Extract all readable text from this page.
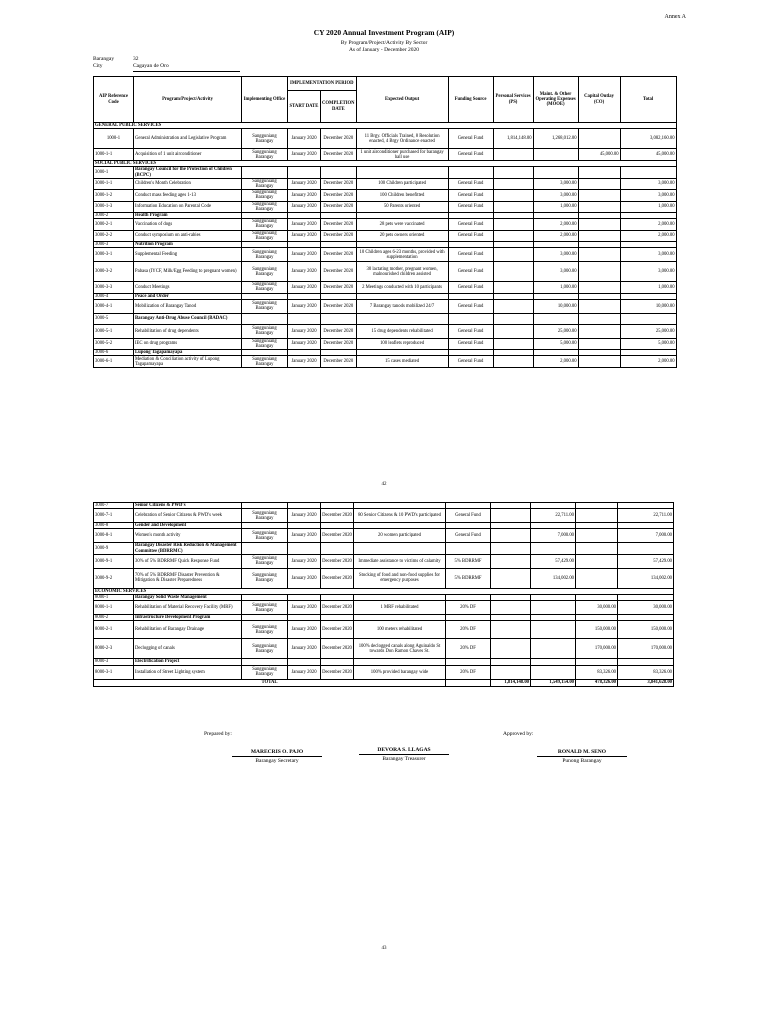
Annex A
CY 2020 Annual Investment Program (AIP)
By Program/Project/Activity By Sector
As of January - December 2020
Barangay	32
City	Cagayan de Oro
AIP Reference Code	Program/Project/Activity	Implementing Office	IMPLEMENTATION PERIOD		Expected Output	Funding Source	Personal Services (PS)	Maint. & Other Operating Expenses (MOOE)	Capital Outlay (CO)	Total
			START DATE	COMPLETION DATE						
GENERAL PUBLIC SERVICES										
1000-1	General Administration and Legislative Program	Sangguniang Barangay	January 2020	December 2020	11 Brgy. Officials Trained, 8 Resolution enacted, 4 Brgy Ordinance enacted	General Fund	1,814,148.00	1,268,012.00		3,082,160.00
1000-1-1	Acquisition of 1 unit airconditioner	Sangguniang Barangay	January 2020	December 2020	1 unit airconditioner purchased for barangay hall use	General Fund			45,000.00	45,000.00
SOCIAL PUBLIC SERVICES										
3000-1	Barangay Council for the Protection of Children (BCPC)									
3000-1-1	Children's Month Celebration	Sangguniang Barangay	January 2020	December 2020	100 Children participated	General Fund		3,000.00		3,000.00
3000-1-2	Conduct mass feeding ages 1-13	Sangguniang Barangay	January 2020	December 2020	100 Children benefitted	General Fund		3,000.00		3,000.00
3000-1-3	Information Education on Parental Code	Sangguniang Barangay	January 2020	December 2020	50 Parents oriented	General Fund		1,000.00		1,000.00
3000-2	Health Program									
3000-2-1	Vaccination of dogs	Sangguniang Barangay	January 2020	December 2020	28 pets were vaccinated	General Fund		2,000.00		2,000.00
3000-2-2	Conduct symposium on anti-rabies	Sangguniang Barangay	January 2020	December 2020	20 pets owners oriented	General Fund		2,000.00		2,000.00
3000-3	Nutrition Program									
3000-3-1	Supplemental Feeding	Sangguniang Barangay	January 2020	December 2020	10 Children ages 6-23 months, provided with supplementation	General Fund		3,000.00		3,000.00
3000-3-2	Pabasa (IYCF, Milk/Egg Feeding to pregnant women)	Sangguniang Barangay	January 2020	December 2020	30 lactating mother, pregnant women, malnourished children assisted	General Fund		3,000.00		3,000.00
3000-3-3	Conduct Meetings	Sangguniang Barangay	January 2020	December 2020	2 Meetings conducted with 10 participants	General Fund		1,000.00		1,000.00
3000-4	Peace and Order									
3000-4-1	Mobilization of Barangay Tanod	Sangguniang Barangay	January 2020	December 2020	7 Barangay tanods mobilized 24/7	General Fund		10,000.00		10,000.00
3000-5	Barangay Anti-Drug Abuse Council (BADAC)									
3000-5-1	Rehabilitation of drug dependents	Sangguniang Barangay	January 2020	December 2020	15 drug dependents rehabilitated	General Fund		25,000.00		25,000.00
3000-5-2	IEC on drug programs	Sangguniang Barangay	January 2020	December 2020	100 leaflets reproduced	General Fund		5,000.00		5,000.00
3000-6	Lupong Tagapamayapa									
3000-6-1	Mediation & Conciliation activity of Lupong Tagapamayapa	Sangguniang Barangay	January 2020	December 2020	15 cases mediated	General Fund		2,000.00		2,000.00
42
3000-7	Senior Citizens & PWD's									
3000-7-1	Celebration of Senior Citizens & PWD's week	Sangguniang Barangay	January 2020	December 2020	80 Senior Citizens & 10 PWD's participated	General Fund		22,711.00		22,711.00
3000-8	Gender and Development									
3000-8-1	Women's month activity	Sangguniang Barangay	January 2020	December 2020	20 women participated	General Fund		7,000.00		7,000.00
3000-9	Barangay Disaster Risk Reduction & Management Committee (BDRRMC)									
3000-9-1	30% of 5% BDRRMF Quick Response Fund	Sangguniang Barangay	January 2020	December 2020	Immediate assistance to victims of calamity	5% BDRRMF		57,429.00		57,429.00
3000-9-2	70% of 5% BDRRMF Disaster Prevention & Mitigation & Disaster Preparedness	Sangguniang Barangay	January 2020	December 2020	Stocking of food and non-food supplies for emergency purposes	5% BDRRMF		134,002.00		134,002.00
ECONOMIC SERVICES										
8000-1	Barangay Solid Waste Management									
8000-1-1	Rehabilitation of Material Recovery Facility (MRF)	Sangguniang Barangay	January 2020	December 2020	1 MRF rehabilitated	20% DF			30,000.00	30,000.00
8000-2	Infrastructure Development Program									
8000-2-1	Rehabilitation of Barangay Drainage	Sangguniang Barangay	January 2020	December 2020	100 meters rehabilitated	20% DF			150,000.00	150,000.00
8000-2-3	Declogging of canals	Sangguniang Barangay	January 2020	December 2020	100% declogged canals along Aguinaldo St towards Don Ramon Chaves St.	20% DF			170,000.00	170,000.00
8000-3	Electrification Project									
8000-3-1	Installation of Street Lighting system	Sangguniang Barangay	January 2020	December 2020	100% provided barangay wide	20% DF			83,326.00	83,326.00
TOTAL							1,814,148.00	1,549,154.00	478,326.00	3,841,628.00
Prepared by:	Approved by:
MARECRIS O. PAJO
Barangay Secretary
DEVORA S. LLAGAS
Barangay Treasurer
RONALD M. SENO
Punong Barangay
43
